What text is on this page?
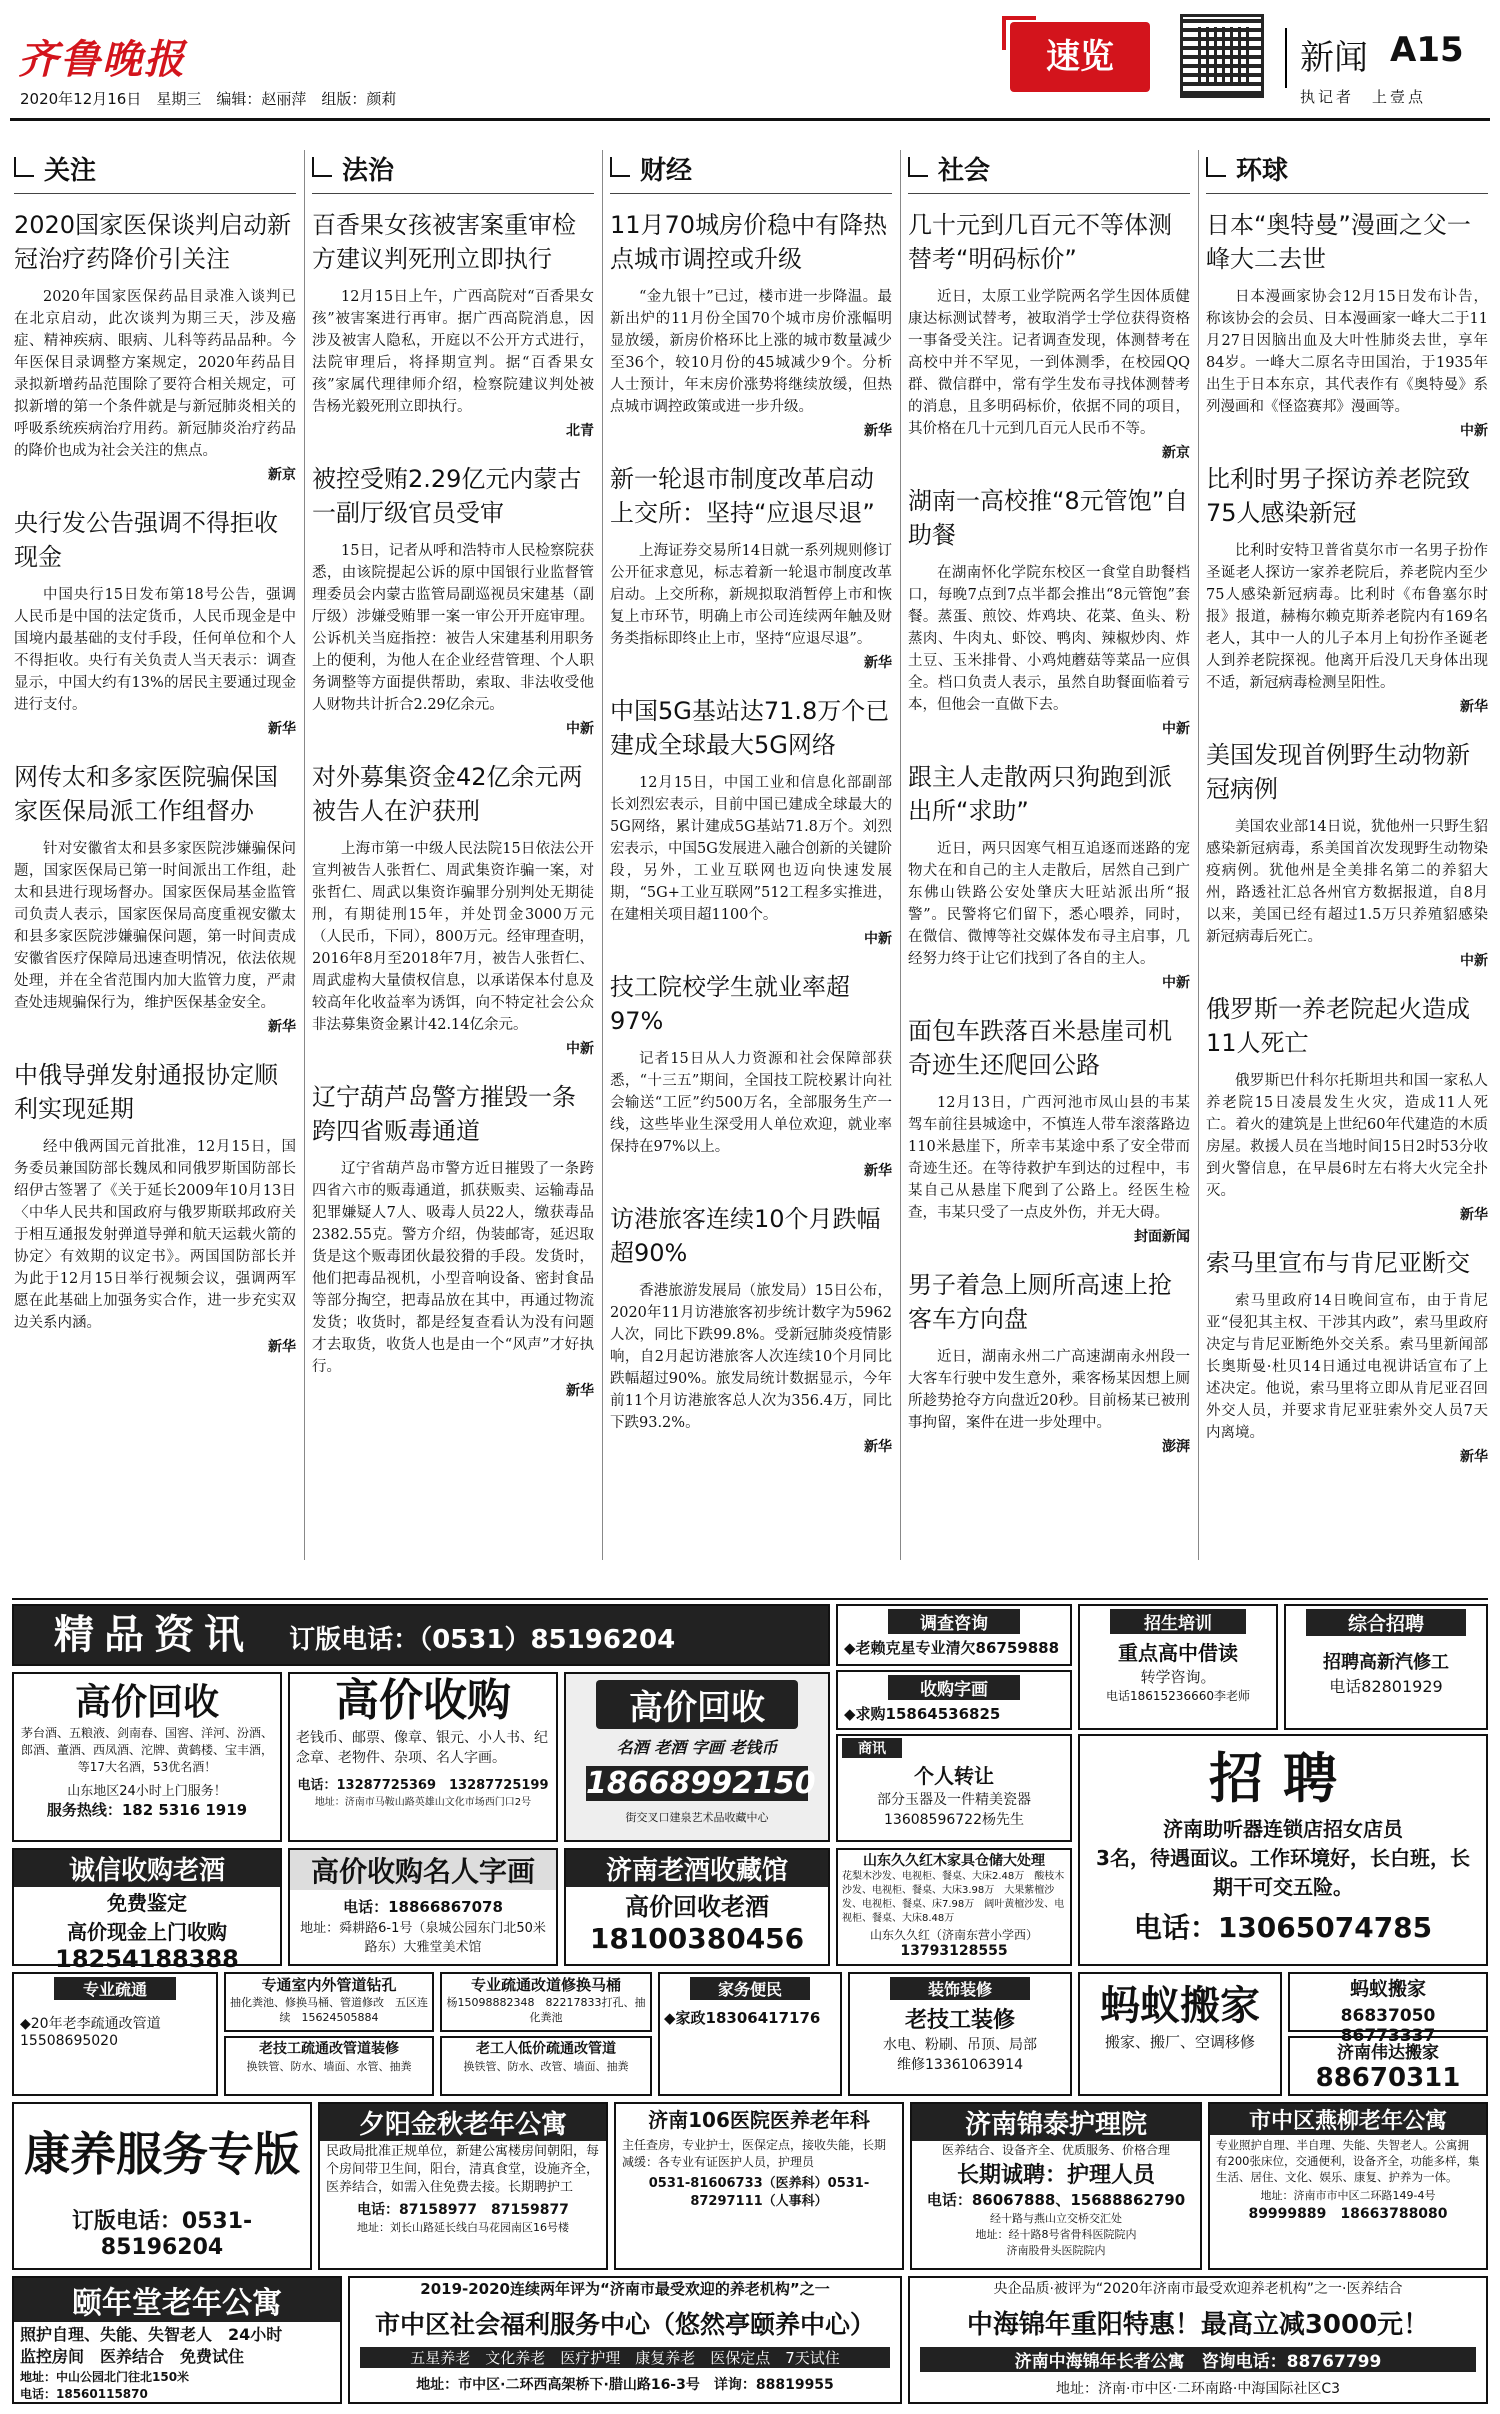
齐鲁晚报
2020年12月16日　星期三　编辑：赵丽萍　组版：颜莉
速览	新闻 A15
执记者　上壹点
关注
2020国家医保谈判启动新冠治疗药降价引关注

2020年国家医保药品目录准入谈判已在北京启动，此次谈判为期三天，涉及癌症、精神疾病、眼病、儿科等药品品种。今年医保目录调整方案规定，2020年药品目录拟新增药品范围除了要符合相关规定，可拟新增的第一个条件就是与新冠肺炎相关的呼吸系统疾病治疗用药。新冠肺炎治疗药品的降价也成为社会关注的焦点。

新京
央行发公告强调不得拒收现金

中国央行15日发布第18号公告，强调人民币是中国的法定货币，人民币现金是中国境内最基础的支付手段，任何单位和个人不得拒收。央行有关负责人当天表示：调查显示，中国大约有13%的居民主要通过现金进行支付。

新华
网传太和多家医院骗保国家医保局派工作组督办

针对安徽省太和县多家医院涉嫌骗保问题，国家医保局已第一时间派出工作组，赴太和县进行现场督办。国家医保局基金监管司负责人表示，国家医保局高度重视安徽太和县多家医院涉嫌骗保问题，第一时间责成安徽省医疗保障局迅速查明情况，依法依规处理，并在全省范围内加大监管力度，严肃查处违规骗保行为，维护医保基金安全。

新华
中俄导弹发射通报协定顺利实现延期

经中俄两国元首批准，12月15日，国务委员兼国防部长魏凤和同俄罗斯国防部长绍伊古签署了《关于延长2009年10月13日〈中华人民共和国政府与俄罗斯联邦政府关于相互通报发射弹道导弹和航天运载火箭的协定〉有效期的议定书》。两国国防部长并为此于12月15日举行视频会议，强调两军愿在此基础上加强务实合作，进一步充实双边关系内涵。

新华
法治
百香果女孩被害案重审检方建议判死刑立即执行

12月15日上午，广西高院对“百香果女孩”被害案进行再审。据广西高院消息，因涉及被害人隐私，开庭以不公开方式进行，法院审理后，将择期宣判。据“百香果女孩”家属代理律师介绍，检察院建议判处被告杨光毅死刑立即执行。

北青
被控受贿2.29亿元内蒙古一副厅级官员受审

15日，记者从呼和浩特市人民检察院获悉，由该院提起公诉的原中国银行业监督管理委员会内蒙古监管局副巡视员宋建基（副厅级）涉嫌受贿罪一案一审公开开庭审理。公诉机关当庭指控：被告人宋建基利用职务上的便利，为他人在企业经营管理、个人职务调整等方面提供帮助，索取、非法收受他人财物共计折合2.29亿余元。

中新
对外募集资金42亿余元两被告人在沪获刑

上海市第一中级人民法院15日依法公开宣判被告人张哲仁、周武集资诈骗一案，对张哲仁、周武以集资诈骗罪分别判处无期徒刑，有期徒刑15年，并处罚金3000万元（人民币，下同），800万元。经审理查明，2016年8月至2018年7月，被告人张哲仁、周武虚构大量债权信息，以承诺保本付息及较高年化收益率为诱饵，向不特定社会公众非法募集资金累计42.14亿余元。

中新
辽宁葫芦岛警方摧毁一条跨四省贩毒通道

辽宁省葫芦岛市警方近日摧毁了一条跨四省六市的贩毒通道，抓获贩卖、运输毒品犯罪嫌疑人7人、吸毒人员22人，缴获毒品2382.55克。警方介绍，伪装邮寄，延迟取货是这个贩毒团伙最狡猾的手段。发货时，他们把毒品视机，小型音响设备、密封食品等部分掏空，把毒品放在其中，再通过物流发货；收货时，都是经复查看认为没有问题才去取货，收货人也是由一个“风声”才好执行。

新华
财经
11月70城房价稳中有降热点城市调控或升级

“金九银十”已过，楼市进一步降温。最新出炉的11月份全国70个城市房价涨幅明显放缓，新房价格环比上涨的城市数量减少至36个，较10月份的45城减少9个。分析人士预计，年末房价涨势将继续放缓，但热点城市调控政策或进一步升级。

新华
新一轮退市制度改革启动上交所：坚持“应退尽退”

上海证券交易所14日就一系列规则修订公开征求意见，标志着新一轮退市制度改革启动。上交所称，新规拟取消暂停上市和恢复上市环节，明确上市公司连续两年触及财务类指标即终止上市，坚持“应退尽退”。

新华
中国5G基站达71.8万个已建成全球最大5G网络

12月15日，中国工业和信息化部副部长刘烈宏表示，目前中国已建成全球最大的5G网络，累计建成5G基站71.8万个。刘烈宏表示，中国5G发展进入融合创新的关键阶段，另外，工业互联网也迈向快速发展期，“5G+工业互联网”512工程多实推进，在建相关项目超1100个。

中新
技工院校学生就业率超97%

记者15日从人力资源和社会保障部获悉，“十三五”期间，全国技工院校累计向社会输送“工匠”约500万名，全部服务生产一线，这些毕业生深受用人单位欢迎，就业率保持在97%以上。

新华
访港旅客连续10个月跌幅超90%

香港旅游发展局（旅发局）15日公布，2020年11月访港旅客初步统计数字为5962人次，同比下跌99.8%。受新冠肺炎疫情影响，自2月起访港旅客人次连续10个月同比跌幅超过90%。旅发局统计数据显示，今年前11个月访港旅客总人次为356.4万，同比下跌93.2%。

新华
社会
几十元到几百元不等体测替考“明码标价”

近日，太原工业学院两名学生因体质健康达标测试替考，被取消学士学位获得资格一事备受关注。记者调查发现，体测替考在高校中并不罕见，一到体测季，在校园QQ群、微信群中，常有学生发布寻找体测替考的消息，且多明码标价，依据不同的项目，其价格在几十元到几百元人民币不等。

新京
湖南一高校推“8元管饱”自助餐

在湖南怀化学院东校区一食堂自助餐档口，每晚7点到7点半都会推出“8元管饱”套餐。蒸蛋、煎饺、炸鸡块、花菜、鱼头、粉蒸肉、牛肉丸、虾饺、鸭肉、辣椒炒肉、炸土豆、玉米排骨、小鸡炖蘑菇等菜品一应俱全。档口负责人表示，虽然自助餐面临着亏本，但他会一直做下去。

中新
跟主人走散两只狗跑到派出所“求助”

近日，两只因寒气相互追逐而迷路的宠物犬在和自己的主人走散后，居然自己到广东佛山铁路公安处肇庆大旺站派出所“报警”。民警将它们留下，悉心喂养，同时，在微信、微博等社交媒体发布寻主启事，几经努力终于让它们找到了各自的主人。

中新
面包车跌落百米悬崖司机奇迹生还爬回公路

12月13日，广西河池市凤山县的韦某驾车前往县城途中，不慎连人带车滚落路边110米悬崖下，所幸韦某途中系了安全带而奇迹生还。在等待救护车到达的过程中，韦某自己从悬崖下爬到了公路上。经医生检查，韦某只受了一点皮外伤，并无大碍。

封面新闻
男子着急上厕所高速上抢客车方向盘

近日，湖南永州二广高速湖南永州段一大客车行驶中发生意外，乘客杨某因想上厕所趁势抢夺方向盘近20秒。目前杨某已被刑事拘留，案件在进一步处理中。

澎湃
环球
日本“奥特曼”漫画之父一峰大二去世

日本漫画家协会12月15日发布讣告，称该协会的会员、日本漫画家一峰大二于11月27日因脑出血及大叶性肺炎去世，享年84岁。一峰大二原名寺田国治，于1935年出生于日本东京，其代表作有《奥特曼》系列漫画和《怪盗赛邦》漫画等。

中新
比利时男子探访养老院致75人感染新冠

比利时安特卫普省莫尔市一名男子扮作圣诞老人探访一家养老院后，养老院内至少75人感染新冠病毒。比利时《布鲁塞尔时报》报道，赫梅尔赖克斯养老院内有169名老人，其中一人的儿子本月上旬扮作圣诞老人到养老院探视。他离开后没几天身体出现不适，新冠病毒检测呈阳性。

新华
美国发现首例野生动物新冠病例

美国农业部14日说，犹他州一只野生貂感染新冠病毒，系美国首次发现野生动物染疫病例。犹他州是全美排名第二的养貂大州，路透社汇总各州官方数据报道，自8月以来，美国已经有超过1.5万只养殖貂感染新冠病毒后死亡。

中新
俄罗斯一养老院起火造成11人死亡

俄罗斯巴什科尔托斯坦共和国一家私人养老院15日凌晨发生火灾，造成11人死亡。着火的建筑是上世纪60年代建造的木质房屋。救援人员在当地时间15日2时53分收到火警信息，在早晨6时左右将大火完全扑灭。

新华
索马里宣布与肯尼亚断交

索马里政府14日晚间宣布，由于肯尼亚“侵犯其主权、干涉其内政”，索马里政府决定与肯尼亚断绝外交关系。索马里新闻部长奥斯曼·杜贝14日通过电视讲话宣布了上述决定。他说，索马里将立即从肯尼亚召回外交人员，并要求肯尼亚驻索外交人员7天内离境。

新华
精品资讯 订版电话：（0531）85196204
高价回收
茅台酒、五粮液、剑南春、国窖、洋河、汾酒、郎酒、董酒、西凤酒、沱牌、黄鹤楼、宝丰酒，等17大名酒，53优名酒！
山东地区24小时上门服务！
服务热线：182 5316 1919
高价收购
老钱币、邮票、像章、银元、小人书、纪念章、老物件、杂项、名人字画。
电话：13287725369　13287725199
地址：济南市马鞍山路英雄山文化市场西门口2号
高价回收
名酒 老酒 字画 老钱币
18668992150
街交叉口建泉艺术品收藏中心
调查咨询
◆老赖克星专业清欠86759888
收购字画
◆求购15864536825
商讯
个人转让
部分玉器及一件精美瓷器
13608596722杨先生
招生培训
重点高中借读
转学咨询。
电话18615236660李老师
综合招聘
招聘高新汽修工
电话82801929
招聘
济南助听器连锁店招女店员
3名，待遇面议。工作环境好，长白班，长期干可交五险。
电话：13065074785
诚信收购老酒
免费鉴定
高价现金上门收购
18254188388
高价收购名人字画
电话：18866867078
地址：舜耕路6-1号（泉城公园东门北50米路东）大雅堂美术馆
济南老酒收藏馆
高价回收老酒
18100380456
山东久久红木家具仓储大处理
花梨木沙发、电视柜、餐桌、大床2.48万　酸枝木沙发、电视柜、餐桌、大床3.98万　大果紫檀沙发、电视柜、餐桌、床7.98万　阔叶黄檀沙发、电视柜、餐桌、大床8.48万
山东久久红（济南东营小学西）
13793128555
专业疏通
◆20年老李疏通改管道15508695020
专通室内外管道钻孔
抽化粪池、修换马桶、管道修改　五区连续　15624505884
专业疏通改道修换马桶
杨15098882348　82217833打孔、抽化粪池
老技工疏通改管道装修
换铁管、防水、墙面、水管、抽粪
老工人低价疏通改管道
换铁管、防水、改管、墙面、抽粪
家务便民
◆家政18306417176
装饰装修
老技工装修
水电、粉刷、吊顶、局部
维修13361063914
蚂蚁搬家
搬家、搬厂、空调移修
蚂蚁搬家
86837050　86773337
济南伟达搬家
88670311
康养服务专版
订版电话：0531-85196204
夕阳金秋老年公寓
民政局批准正规单位，新建公寓楼房间朝阳，每个房间带卫生间，阳台，清真食堂，设施齐全，医养结合，如需入住免费去接。长期聘护工
电话：87158977　87159877
地址：刘长山路延长线白马花园南区16号楼
济南106医院医养老年科
主任查房，专业护士，医保定点，接收失能，长期减缓：各专业有证医护人员，护理员
0531-81606733（医养科）0531-87297111（人事科）
济南锦泰护理院
医养结合、设备齐全、优质服务、价格合理
长期诚聘：护理人员
电话：86067888、15688862790
经十路与燕山立交桥交汇处
地址：经十路8号省骨科医院院内
济南股骨头医院院内
市中区燕柳老年公寓
专业照护自理、半自理、失能、失智老人。公寓拥有200张床位，交通便利，设备齐全，功能多样，集生活、居住、文化、娱乐、康复、护养为一体。
地址：济南市市中区二环路149-4号
89999889　18663788080
颐年堂老年公寓
照护自理、失能、失智老人　24小时监控房间　医养结合　免费试住
地址：中山公园北门往北150米
电话：18560115870
2019-2020连续两年评为“济南市最受欢迎的养老机构”之一
市中区社会福利服务中心（悠然亭颐养中心）
五星养老　文化养老　医疗护理　康复养老　医保定点　7天试住
地址：市中区·二环西高架桥下·腊山路16-3号　详询：88819955
央企品质·被评为“2020年济南市最受欢迎养老机构”之一·医养结合
中海锦年重阳特惠！最高立减3000元！
济南中海锦年长者公寓　咨询电话：88767799
地址：济南·市中区·二环南路·中海国际社区C3
